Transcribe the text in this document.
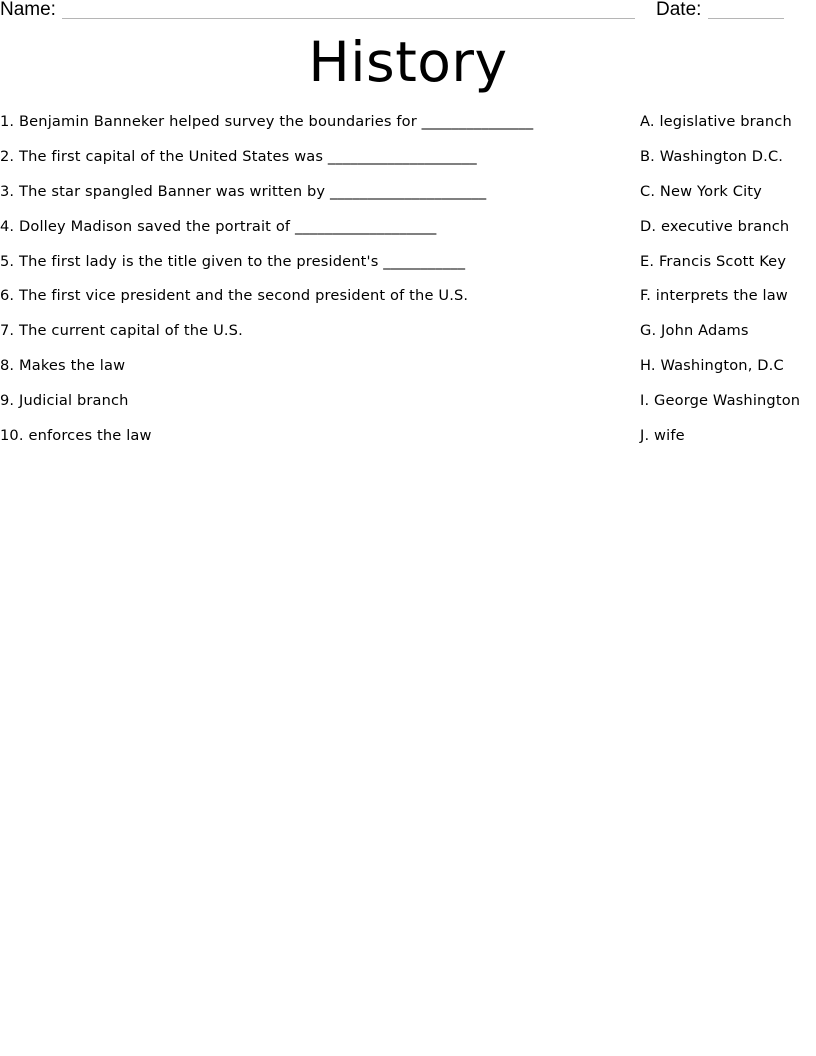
Name:	Date:
History
1. Benjamin Banneker helped survey the boundaries for _______________
2. The first capital of the United States was ____________________
3. The star spangled Banner was written by _____________________
4. Dolley Madison saved the portrait of ___________________
5. The first lady is the title given to the president's ___________
6. The first vice president and the second president of the U.S.
7. The current capital of the U.S.
8. Makes the law
9. Judicial branch
10. enforces the law
A. legislative branch
B. Washington D.C.
C. New York City
D. executive branch
E. Francis Scott Key
F. interprets the law
G. John Adams
H. Washington, D.C
I. George Washington
J. wife
